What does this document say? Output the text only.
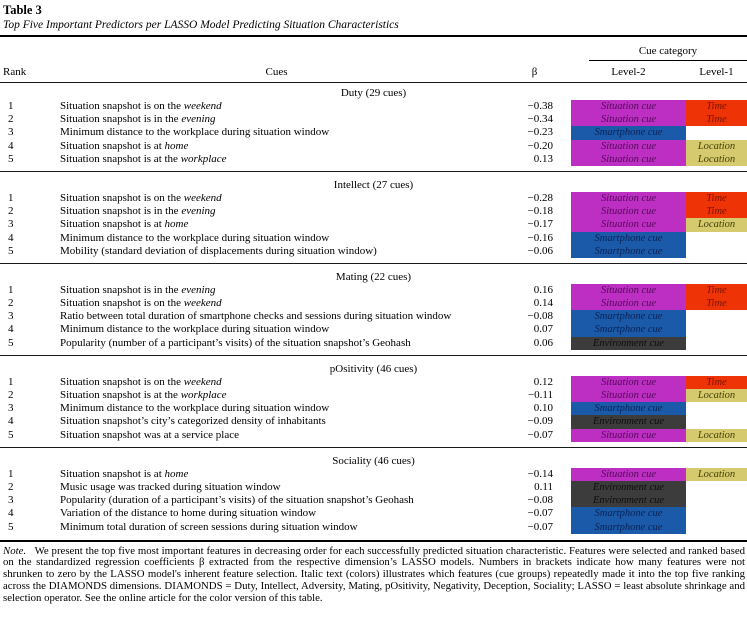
Table 3
Top Five Important Predictors per LASSO Model Predicting Situation Characteristics
Cue category
Rank	Cues	β	Level-2	Level-1
Duty (29 cues)
1	Situation snapshot is on the weekend	−0.38	Situation cue	Time
2	Situation snapshot is in the evening	−0.34	Situation cue	Time
3	Minimum distance to the workplace during situation window	−0.23	Smartphone cue
4	Situation snapshot is at home	−0.20	Situation cue	Location
5	Situation snapshot is at the workplace	0.13	Situation cue	Location
Intellect (27 cues)
1	Situation snapshot is on the weekend	−0.28	Situation cue	Time
2	Situation snapshot is in the evening	−0.18	Situation cue	Time
3	Situation snapshot is at home	−0.17	Situation cue	Location
4	Minimum distance to the workplace during situation window	−0.16	Smartphone cue
5	Mobility (standard deviation of displacements during situation window)	−0.06	Smartphone cue
Mating (22 cues)
1	Situation snapshot is in the evening	0.16	Situation cue	Time
2	Situation snapshot is on the weekend	0.14	Situation cue	Time
3	Ratio between total duration of smartphone checks and sessions during situation window	−0.08	Smartphone cue
4	Minimum distance to the workplace during situation window	0.07	Smartphone cue
5	Popularity (number of a participant’s visits) of the situation snapshot’s Geohash	0.06	Environment cue
pOsitivity (46 cues)
1	Situation snapshot is on the weekend	0.12	Situation cue	Time
2	Situation snapshot is at the workplace	−0.11	Situation cue	Location
3	Minimum distance to the workplace during situation window	0.10	Smartphone cue
4	Situation snapshot’s city’s categorized density of inhabitants	−0.09	Environment cue
5	Situation snapshot was at a service place	−0.07	Situation cue	Location
Sociality (46 cues)
1	Situation snapshot is at home	−0.14	Situation cue	Location
2	Music usage was tracked during situation window	0.11	Environment cue
3	Popularity (duration of a participant’s visits) of the situation snapshot’s Geohash	−0.08	Environment cue
4	Variation of the distance to home during situation window	−0.07	Smartphone cue
5	Minimum total duration of screen sessions during situation window	−0.07	Smartphone cue
Note. We present the top five most important features in decreasing order for each successfully predicted situation characteristic. Features were selected and ranked based on the standardized regression coefficients β extracted from the respective dimension’s LASSO models. Numbers in brackets indicate how many features were not shrunken to zero by the LASSO model's inherent feature selection. Italic text (colors) illustrates which features (cue groups) repeatedly made it into the top five ranking across the DIAMONDS dimensions. DIAMONDS = Duty, Intellect, Adversity, Mating, pOsitivity, Negativity, Deception, Sociality; LASSO = least absolute shrinkage and selection operator. See the online article for the color version of this table.
